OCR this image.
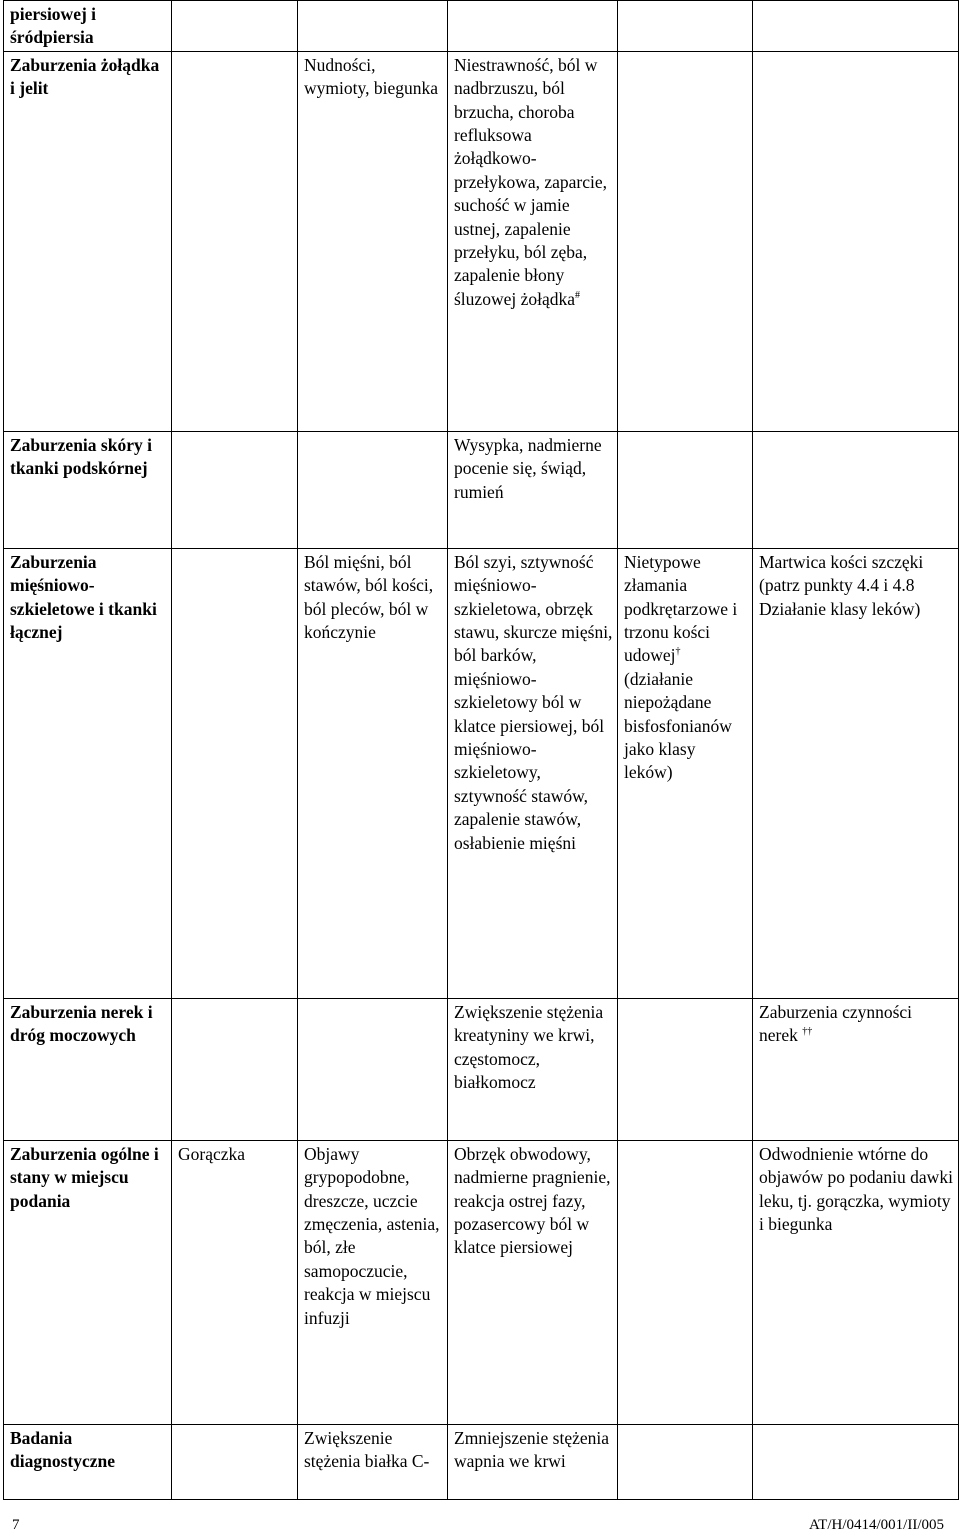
piersiowej i śródpiersia					
Zaburzenia żołądka i jelit		Nudności, wymioty, biegunka	Niestrawność, ból w nadbrzuszu, ból brzucha, choroba refluksowa żołądkowo-przełykowa, zaparcie, suchość w jamie ustnej, zapalenie przełyku, ból zęba, zapalenie błony śluzowej żołądka#		
Zaburzenia skóry i tkanki podskórnej			Wysypka, nadmierne pocenie się, świąd, rumień		
Zaburzenia mięśniowo-szkieletowe i tkanki łącznej		Ból mięśni, ból stawów, ból kości, ból pleców, ból w kończynie	Ból szyi, sztywność mięśniowo-szkieletowa, obrzęk stawu, skurcze mięśni, ból barków, mięśniowo-szkieletowy ból w klatce piersiowej, ból mięśniowo-szkieletowy, sztywność stawów, zapalenie stawów, osłabienie mięśni	Nietypowe złamania podkrętarzowe i trzonu kości udowej† (działanie niepożądane bisfosfonianów jako klasy leków)	Martwica kości szczęki (patrz punkty 4.4 i 4.8 Działanie klasy leków)
Zaburzenia nerek i dróg moczowych			Zwiększenie stężenia kreatyniny we krwi, częstomocz, białkomocz		Zaburzenia czynności nerek ††
Zaburzenia ogólne i stany w miejscu podania	Gorączka	Objawy grypopodobne, dreszcze, uczcie zmęczenia, astenia, ból, złe samopoczucie, reakcja w miejscu infuzji	Obrzęk obwodowy, nadmierne pragnienie, reakcja ostrej fazy, pozasercowy ból w klatce piersiowej		Odwodnienie wtórne do objawów po podaniu dawki leku, tj. gorączka, wymioty i biegunka
Badania diagnostyczne		Zwiększenie stężenia białka C-	Zmniejszenie stężenia wapnia we krwi		
7	AT/H/0414/001/II/005
